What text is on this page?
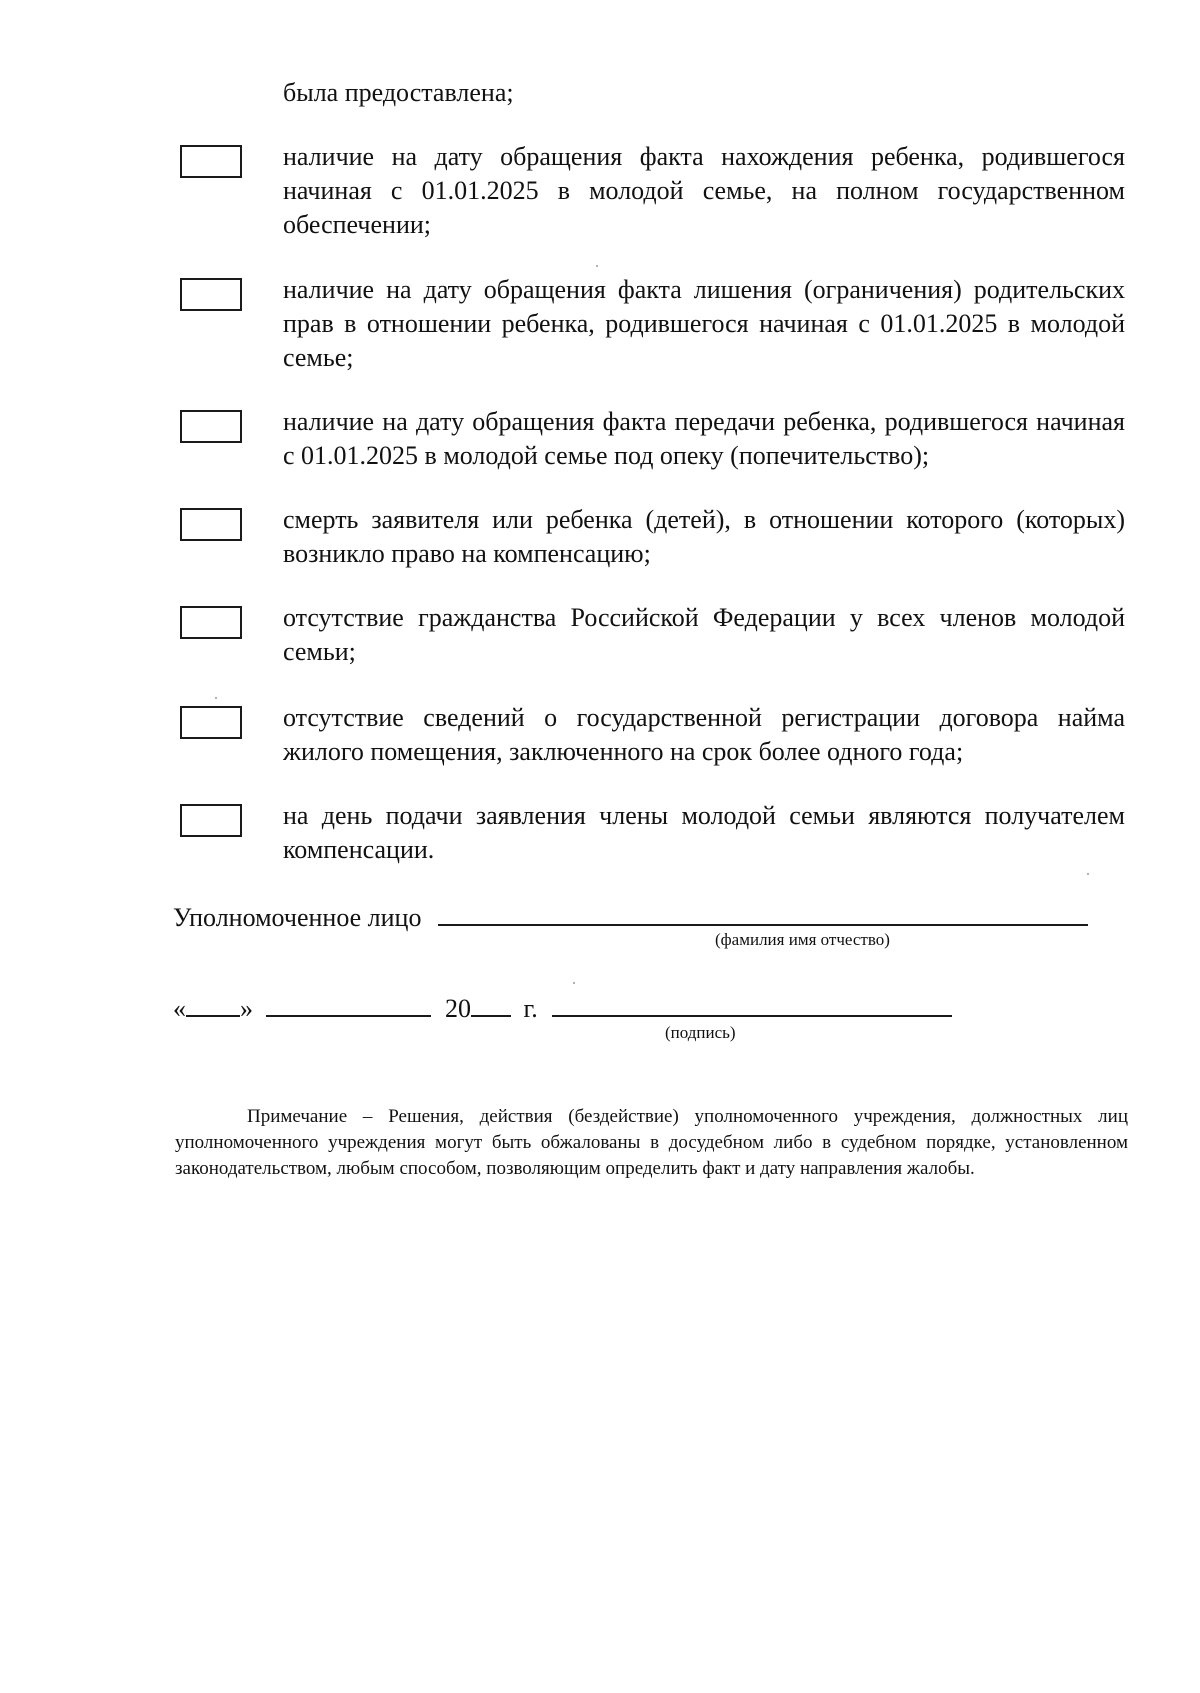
была предоставлена;
наличие на дату обращения факта нахождения ребенка, родившегося начиная с 01.01.2025 в молодой семье, на полном государственном обеспечении;
наличие на дату обращения факта лишения (ограничения) родительских прав в отношении ребенка, родившегося начиная с 01.01.2025 в молодой семье;
наличие на дату обращения факта передачи ребенка, родившегося начиная с 01.01.2025 в молодой семье под опеку (попечительство);
смерть заявителя или ребенка (детей), в отношении которого (которых) возникло право на компенсацию;
отсутствие гражданства Российской Федерации у всех членов молодой семьи;
отсутствие сведений о государственной регистрации договора найма жилого помещения, заключенного на срок более одного года;
на день подачи заявления члены молодой семьи являются получателем компенсации.
Уполномоченное лицо
(фамилия имя отчество)
« »	20 г.
(подпись)
Примечание – Решения, действия (бездействие) уполномоченного учреждения, должностных лиц уполномоченного учреждения могут быть обжалованы в досудебном либо в судебном порядке, установленном законодательством, любым способом, позволяющим определить факт и дату направления жалобы.
